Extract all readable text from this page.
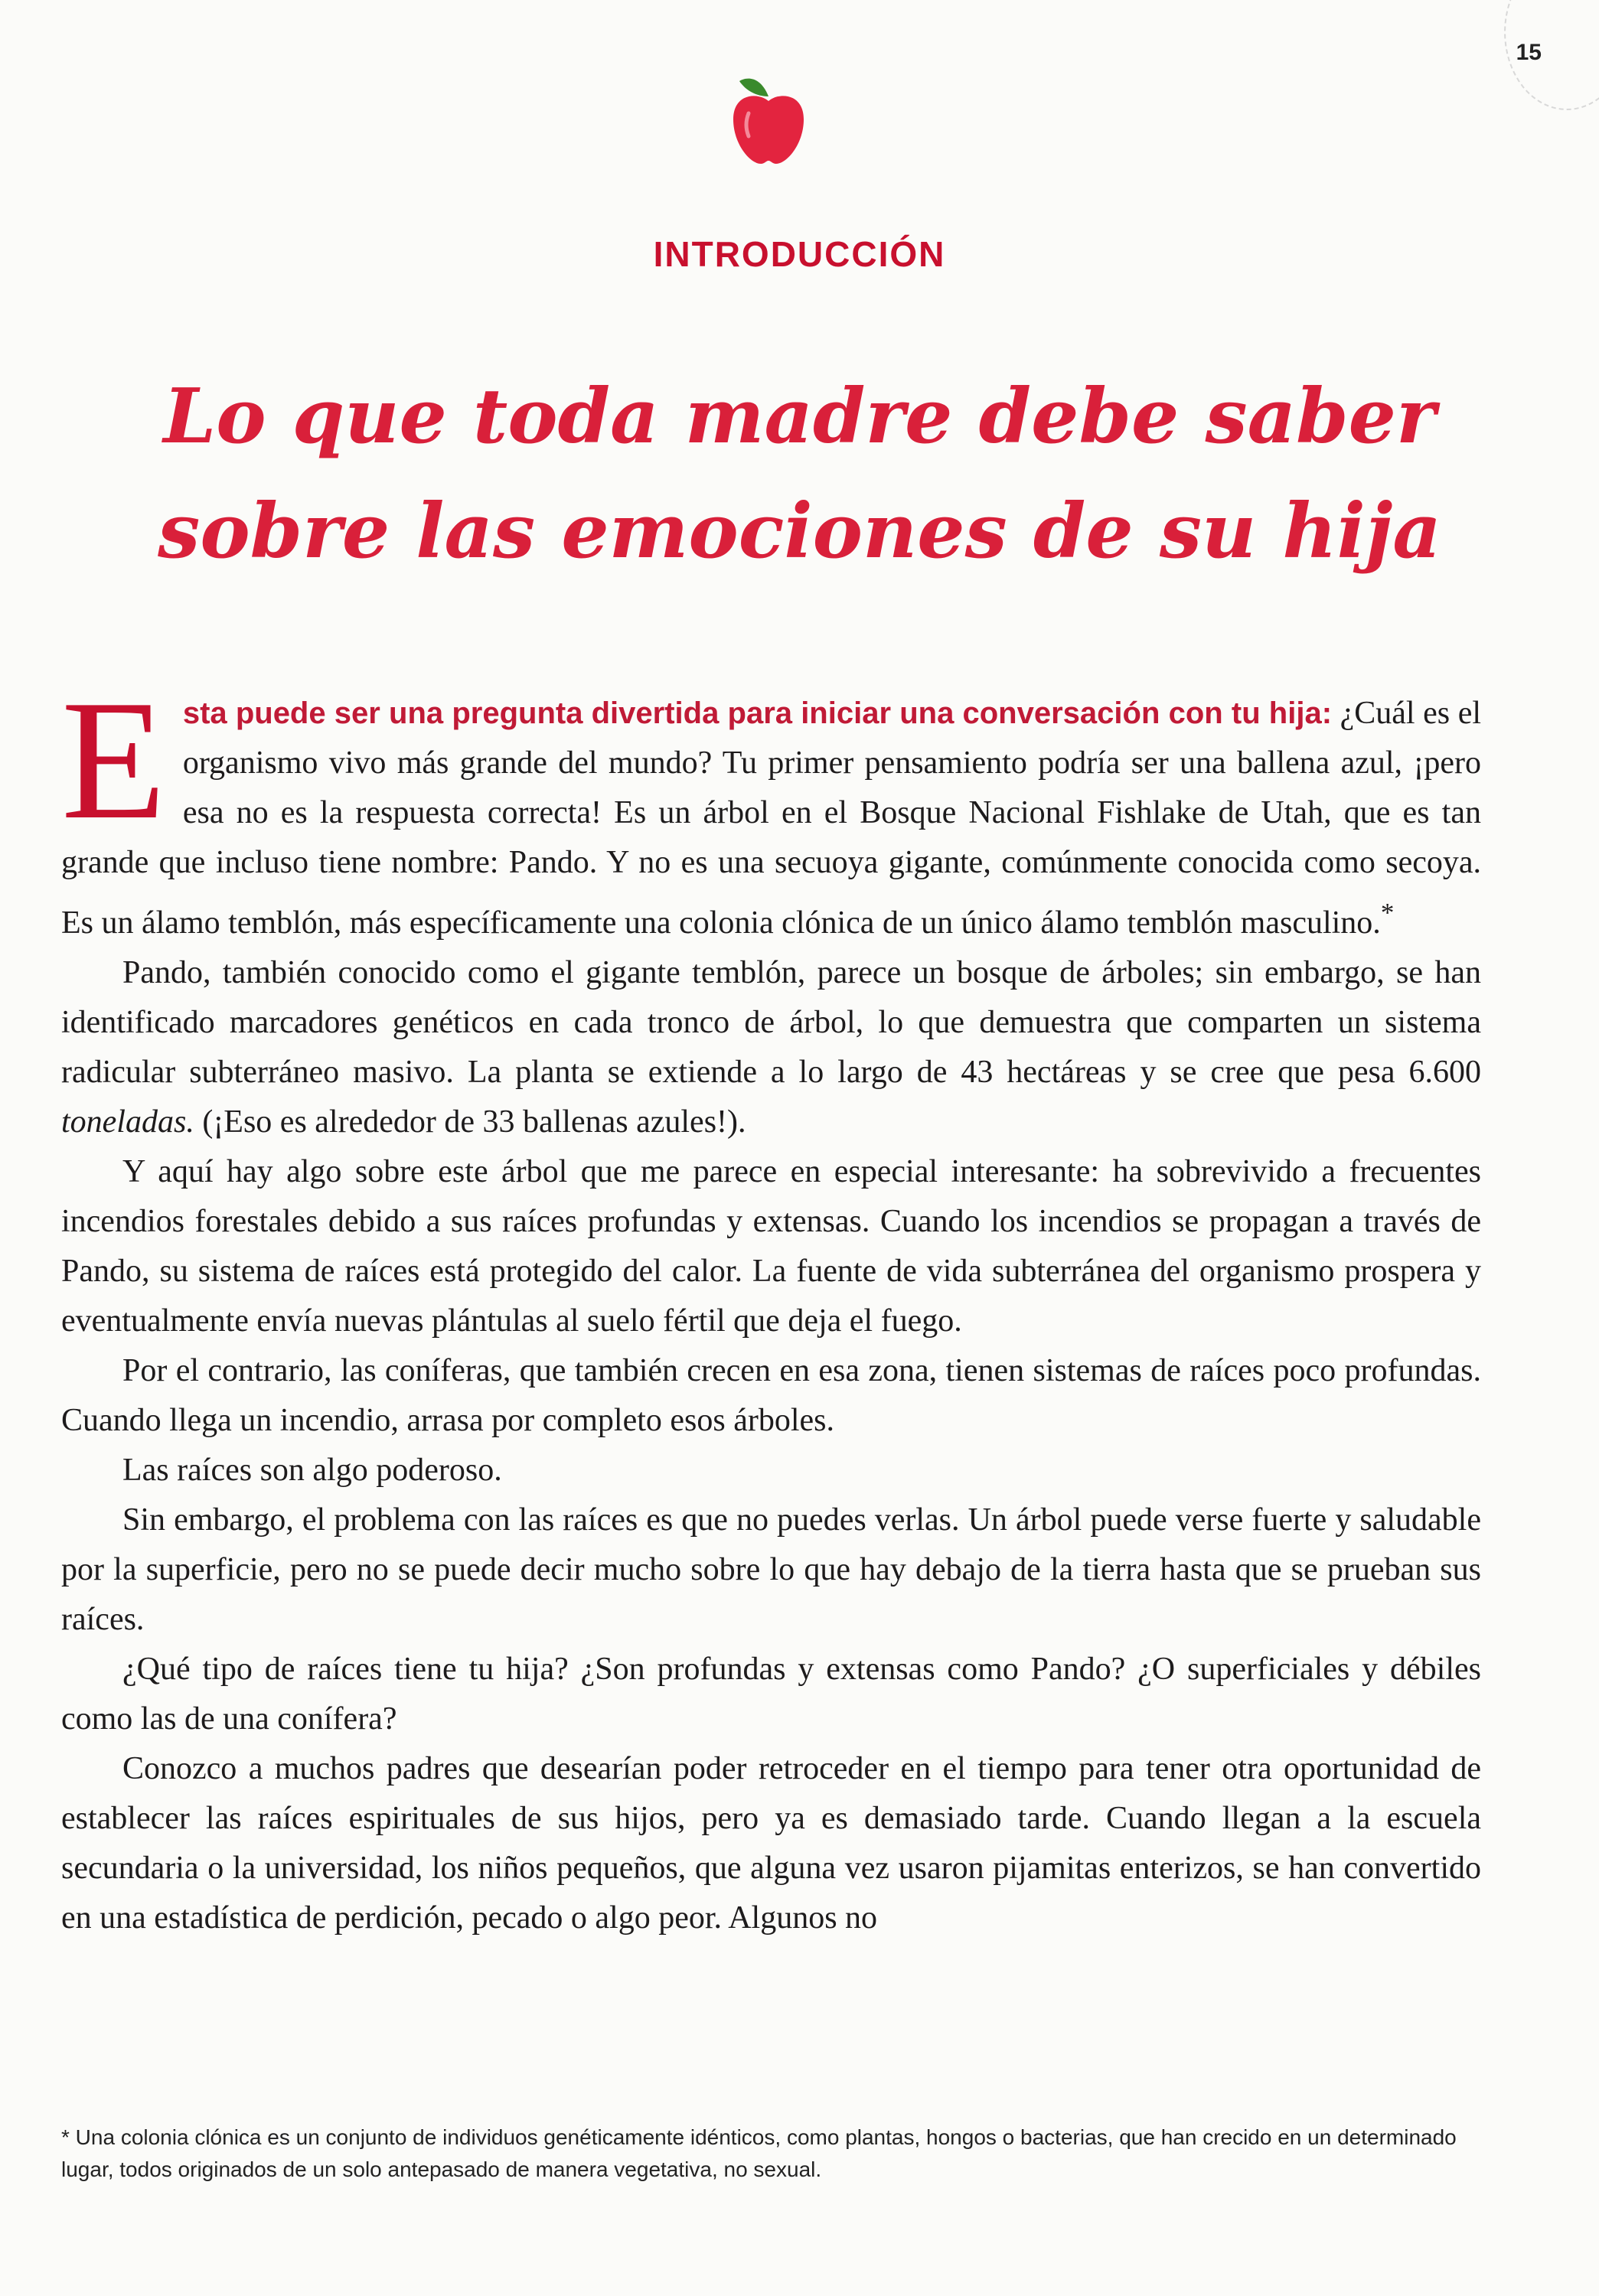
15
INTRODUCCIÓN
Lo que toda madre debe saber
sobre las emociones de su hija

Esta puede ser una pregunta divertida para iniciar una conversación con tu hija: ¿Cuál es el organismo vivo más grande del mundo? Tu primer pensamiento podría ser una ballena azul, ¡pero esa no es la respuesta correcta! Es un árbol en el Bosque Nacional Fishlake de Utah, que es tan grande que incluso tiene nombre: Pando. Y no es una secuoya gigante, comúnmente conocida como secoya. Es un álamo temblón, más específicamente una colonia clónica de un único álamo temblón masculino.*

Pando, también conocido como el gigante temblón, parece un bosque de árboles; sin embargo, se han identificado marcadores genéticos en cada tronco de árbol, lo que demuestra que comparten un sistema radicular subterráneo masivo. La planta se extiende a lo largo de 43 hectáreas y se cree que pesa 6.600 toneladas. (¡Eso es alrededor de 33 ballenas azules!).

Y aquí hay algo sobre este árbol que me parece en especial interesante: ha sobrevivido a frecuentes incendios forestales debido a sus raíces profundas y extensas. Cuando los incendios se propagan a través de Pando, su sistema de raíces está protegido del calor. La fuente de vida subterránea del organismo prospera y eventualmente envía nuevas plántulas al suelo fértil que deja el fuego.

Por el contrario, las coníferas, que también crecen en esa zona, tienen sistemas de raíces poco profundas. Cuando llega un incendio, arrasa por completo esos árboles.

Las raíces son algo poderoso.

Sin embargo, el problema con las raíces es que no puedes verlas. Un árbol puede verse fuerte y saludable por la superficie, pero no se puede decir mucho sobre lo que hay debajo de la tierra hasta que se prueban sus raíces.

¿Qué tipo de raíces tiene tu hija? ¿Son profundas y extensas como Pando? ¿O superficiales y débiles como las de una conífera?

Conozco a muchos padres que desearían poder retroceder en el tiempo para tener otra oportunidad de establecer las raíces espirituales de sus hijos, pero ya es demasiado tarde. Cuando llegan a la escuela secundaria o la universidad, los niños pequeños, que alguna vez usaron pijamitas enterizos, se han convertido en una estadística de perdición, pecado o algo peor. Algunos no

* Una colonia clónica es un conjunto de individuos genéticamente idénticos, como plantas, hongos o bacterias, que han crecido en un determinado lugar, todos originados de un solo antepasado de manera vegetativa, no sexual.
